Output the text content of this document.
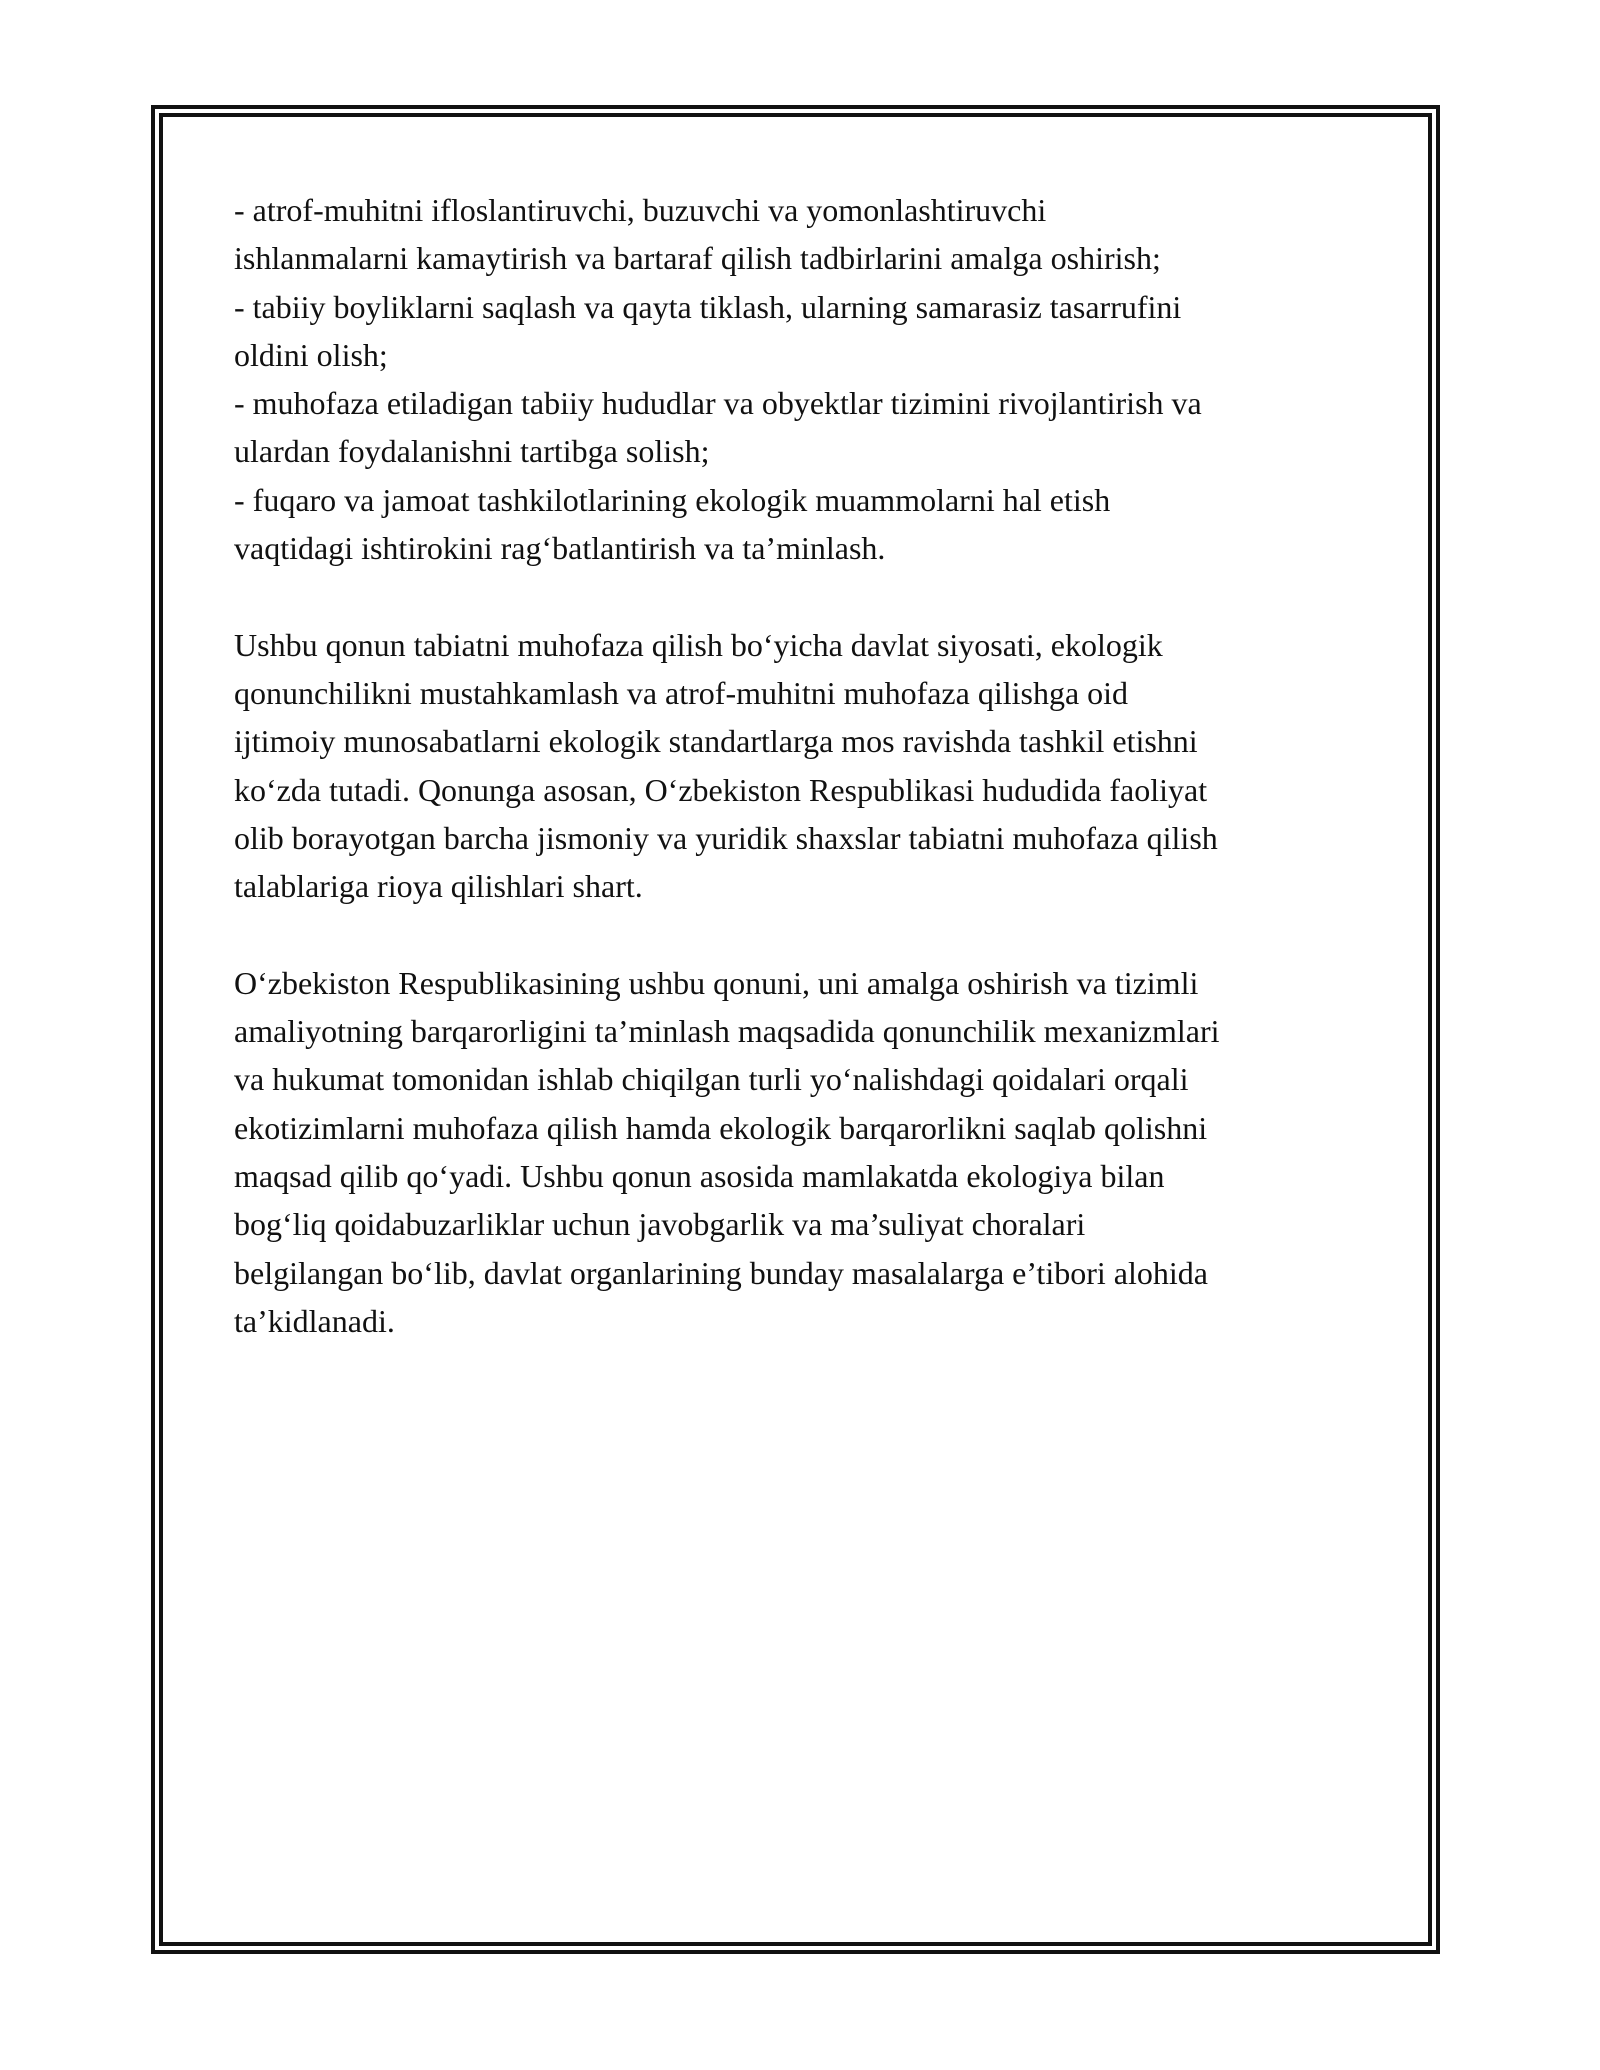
- atrof-muhitni ifloslantiruvchi, buzuvchi va yomonlashtiruvchi
ishlanmalarni kamaytirish va bartaraf qilish tadbirlarini amalga oshirish;
- tabiiy boyliklarni saqlash va qayta tiklash, ularning samarasiz tasarrufini
oldini olish;
- muhofaza etiladigan tabiiy hududlar va obyektlar tizimini rivojlantirish va
ulardan foydalanishni tartibga solish;
- fuqaro va jamoat tashkilotlarining ekologik muammolarni hal etish
vaqtidagi ishtirokini rag‘batlantirish va ta’minlash.
Ushbu qonun tabiatni muhofaza qilish bo‘yicha davlat siyosati, ekologik
qonunchilikni mustahkamlash va atrof-muhitni muhofaza qilishga oid
ijtimoiy munosabatlarni ekologik standartlarga mos ravishda tashkil etishni
ko‘zda tutadi. Qonunga asosan, O‘zbekiston Respublikasi hududida faoliyat
olib borayotgan barcha jismoniy va yuridik shaxslar tabiatni muhofaza qilish
talablariga rioya qilishlari shart.
O‘zbekiston Respublikasining ushbu qonuni, uni amalga oshirish va tizimli
amaliyotning barqarorligini ta’minlash maqsadida qonunchilik mexanizmlari
va hukumat tomonidan ishlab chiqilgan turli yo‘nalishdagi qoidalari orqali
ekotizimlarni muhofaza qilish hamda ekologik barqarorlikni saqlab qolishni
maqsad qilib qo‘yadi. Ushbu qonun asosida mamlakatda ekologiya bilan
bog‘liq qoidabuzarliklar uchun javobgarlik va ma’suliyat choralari
belgilangan bo‘lib, davlat organlarining bunday masalalarga e’tibori alohida
ta’kidlanadi.
